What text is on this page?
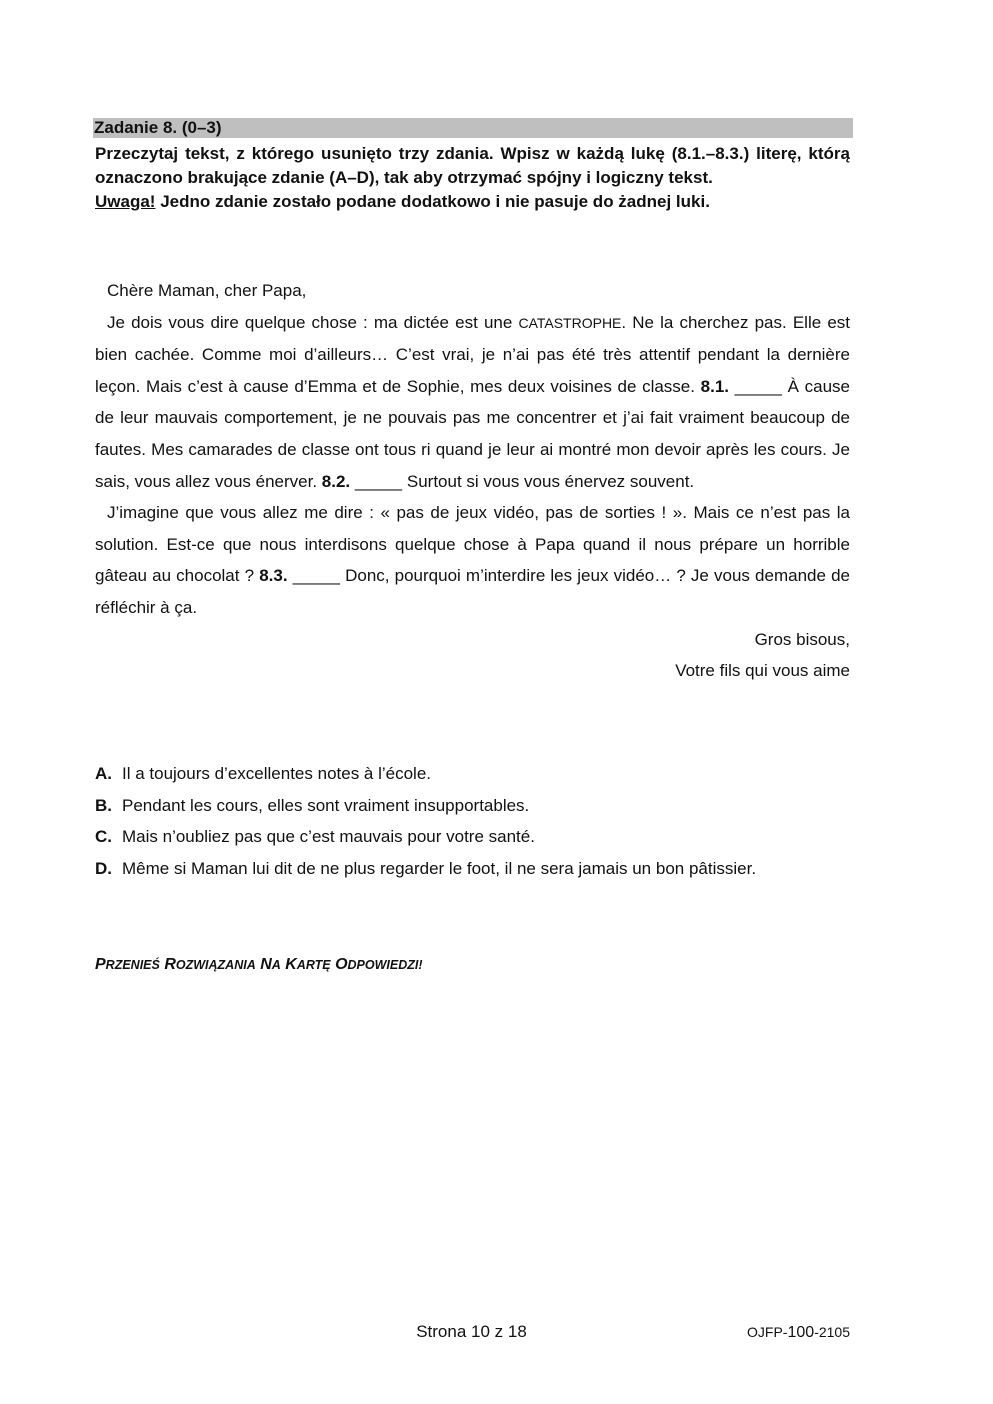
Zadanie 8. (0–3)
Przeczytaj tekst, z którego usunięto trzy zdania. Wpisz w każdą lukę (8.1.–8.3.) literę, którą oznaczono brakujące zdanie (A–D), tak aby otrzymać spójny i logiczny tekst.
Uwaga! Jedno zdanie zostało podane dodatkowo i nie pasuje do żadnej luki.

Chère Maman, cher Papa,

Je dois vous dire quelque chose : ma dictée est une CATASTROPHE. Ne la cherchez pas. Elle est bien cachée. Comme moi d’ailleurs… C’est vrai, je n’ai pas été très attentif pendant la dernière leçon. Mais c’est à cause d’Emma et de Sophie, mes deux voisines de classe. 8.1. _____ À cause de leur mauvais comportement, je ne pouvais pas me concentrer et j’ai fait vraiment beaucoup de fautes. Mes camarades de classe ont tous ri quand je leur ai montré mon devoir après les cours. Je sais, vous allez vous énerver. 8.2. _____ Surtout si vous vous énervez souvent.

J’imagine que vous allez me dire : « pas de jeux vidéo, pas de sorties ! ». Mais ce n’est pas la solution. Est-ce que nous interdisons quelque chose à Papa quand il nous prépare un horrible gâteau au chocolat ? 8.3. _____ Donc, pourquoi m’interdire les jeux vidéo… ? Je vous demande de réfléchir à ça.

Gros bisous,

Votre fils qui vous aime

A. Il a toujours d’excellentes notes à l’école.
B. Pendant les cours, elles sont vraiment insupportables.
C. Mais n’oubliez pas que c’est mauvais pour votre santé.
D. Même si Maman lui dit de ne plus regarder le foot, il ne sera jamais un bon pâtissier.
PRZENIEŚ ROZWIĄZANIA NA KARTĘ ODPOWIEDZI!
Strona 10 z 18	OJFP-100-2105
